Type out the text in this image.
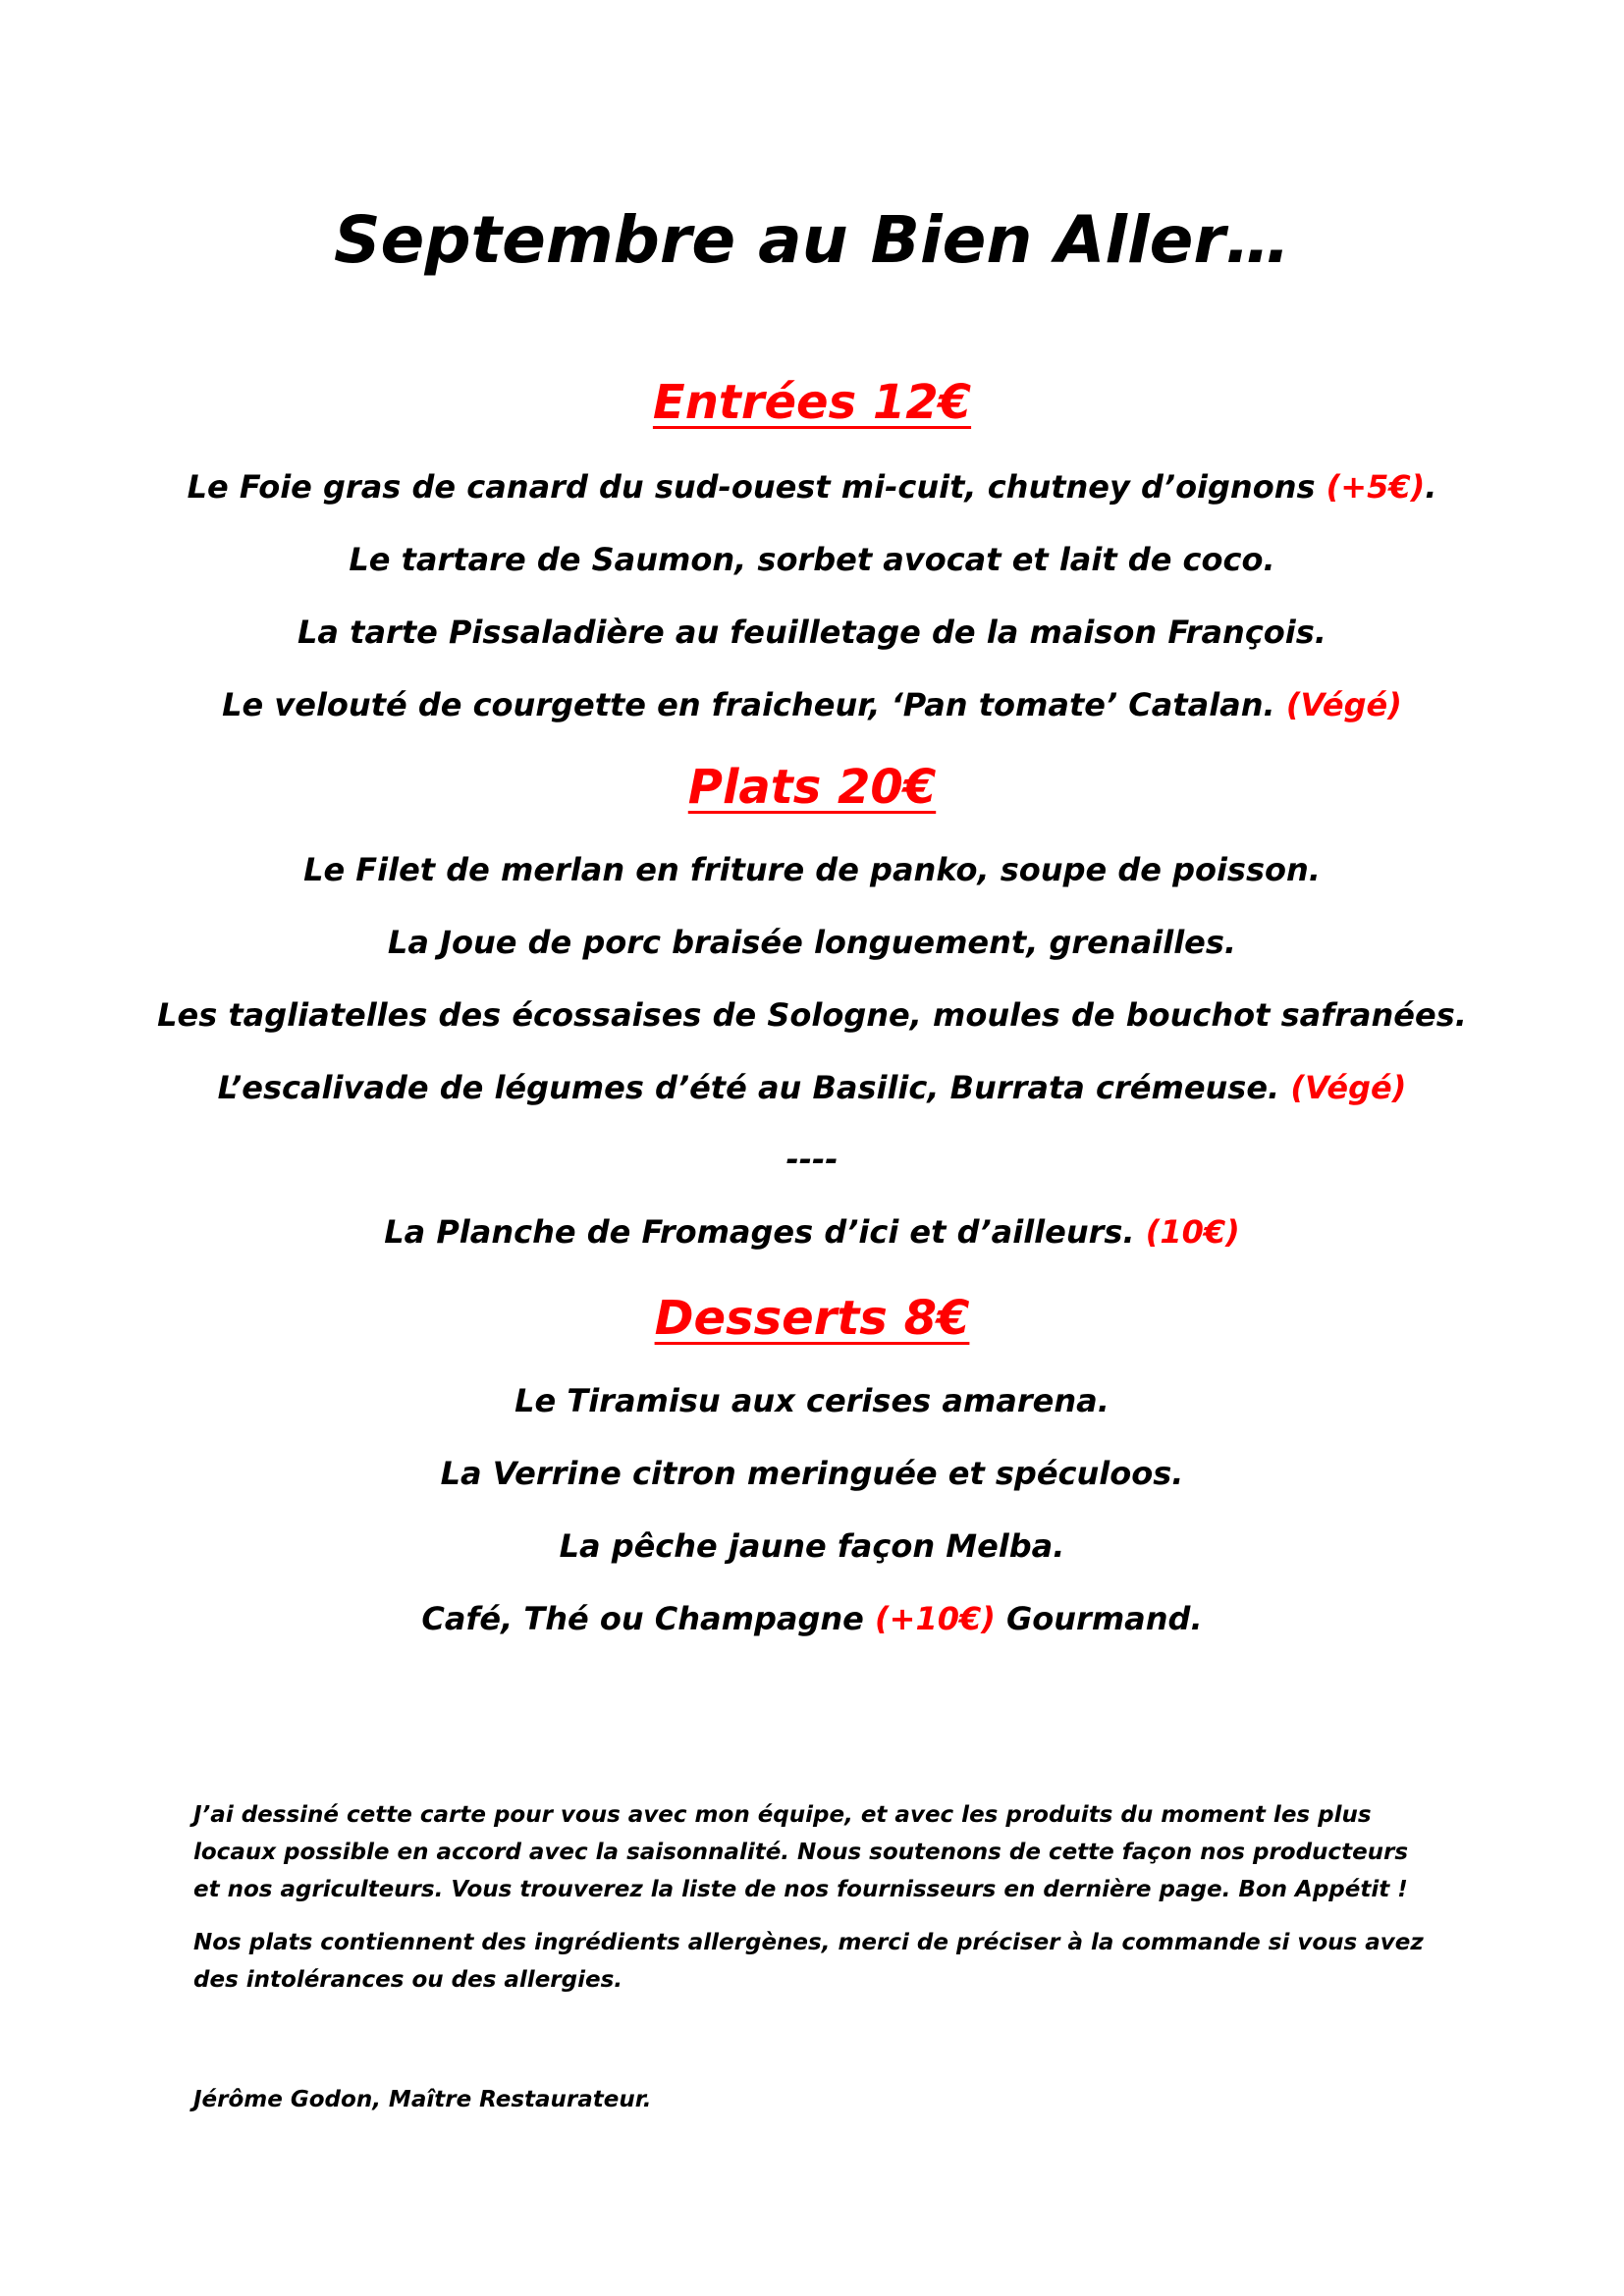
Septembre au Bien Aller…
Entrées 12€

Le Foie gras de canard du sud-ouest mi-cuit, chutney d’oignons (+5€).

Le tartare de Saumon, sorbet avocat et lait de coco.

La tarte Pissaladière au feuilletage de la maison François.

Le velouté de courgette en fraicheur, ‘Pan tomate’ Catalan. (Végé)

Plats 20€

Le Filet de merlan en friture de panko, soupe de poisson.

La Joue de porc braisée longuement, grenailles.

Les tagliatelles des écossaises de Sologne, moules de bouchot safranées.

L’escalivade de légumes d’été au Basilic, Burrata crémeuse. (Végé)

----

La Planche de Fromages d’ici et d’ailleurs. (10€)

Desserts 8€

Le Tiramisu aux cerises amarena.

La Verrine citron meringuée et spéculoos.

La pêche jaune façon Melba.

Café, Thé ou Champagne (+10€) Gourmand.

J’ai dessiné cette carte pour vous avec mon équipe, et avec les produits du moment les plus locaux possible en accord avec la saisonnalité. Nous soutenons de cette façon nos producteurs et nos agriculteurs. Vous trouverez la liste de nos fournisseurs en dernière page. Bon Appétit !

Nos plats contiennent des ingrédients allergènes, merci de préciser à la commande si vous avez des intolérances ou des allergies.

Jérôme Godon, Maître Restaurateur.
